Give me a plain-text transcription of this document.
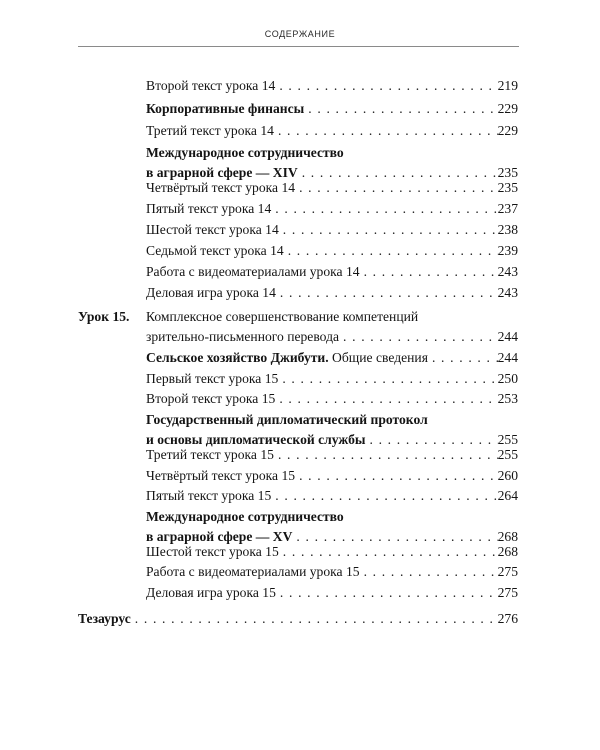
СОДЕРЖАНИЕ
Второй текст урока 14 . . .	219
Корпоративные финансы . . .	229
Третий текст урока 14 . . .	229
Международное сотрудничество
в аграрной сфере — XIV . . .	235
Четвёртый текст урока 14 . . .	235
Пятый текст урока 14 . . .	237
Шестой текст урока 14 . . .	238
Седьмой текст урока 14 . . .	239
Работа с видеоматериалами урока 14 . . .	243
Деловая игра урока 14 . . .	243
Урок 15. Комплексное совершенствование компетенций
зрительно-письменного перевода . . .	244
Сельское хозяйство Джибути. Общие сведения . . .	244
Первый текст урока 15 . . .	250
Второй текст урока 15 . . .	253
Государственный дипломатический протокол
и основы дипломатической службы . . .	255
Третий текст урока 15 . . .	255
Четвёртый текст урока 15 . . .	260
Пятый текст урока 15 . . .	264
Международное сотрудничество
в аграрной сфере — XV . . .	268
Шестой текст урока 15 . . .	268
Работа с видеоматериалами урока 15 . . .	275
Деловая игра урока 15 . . .	275
Тезаурус . . .	276
